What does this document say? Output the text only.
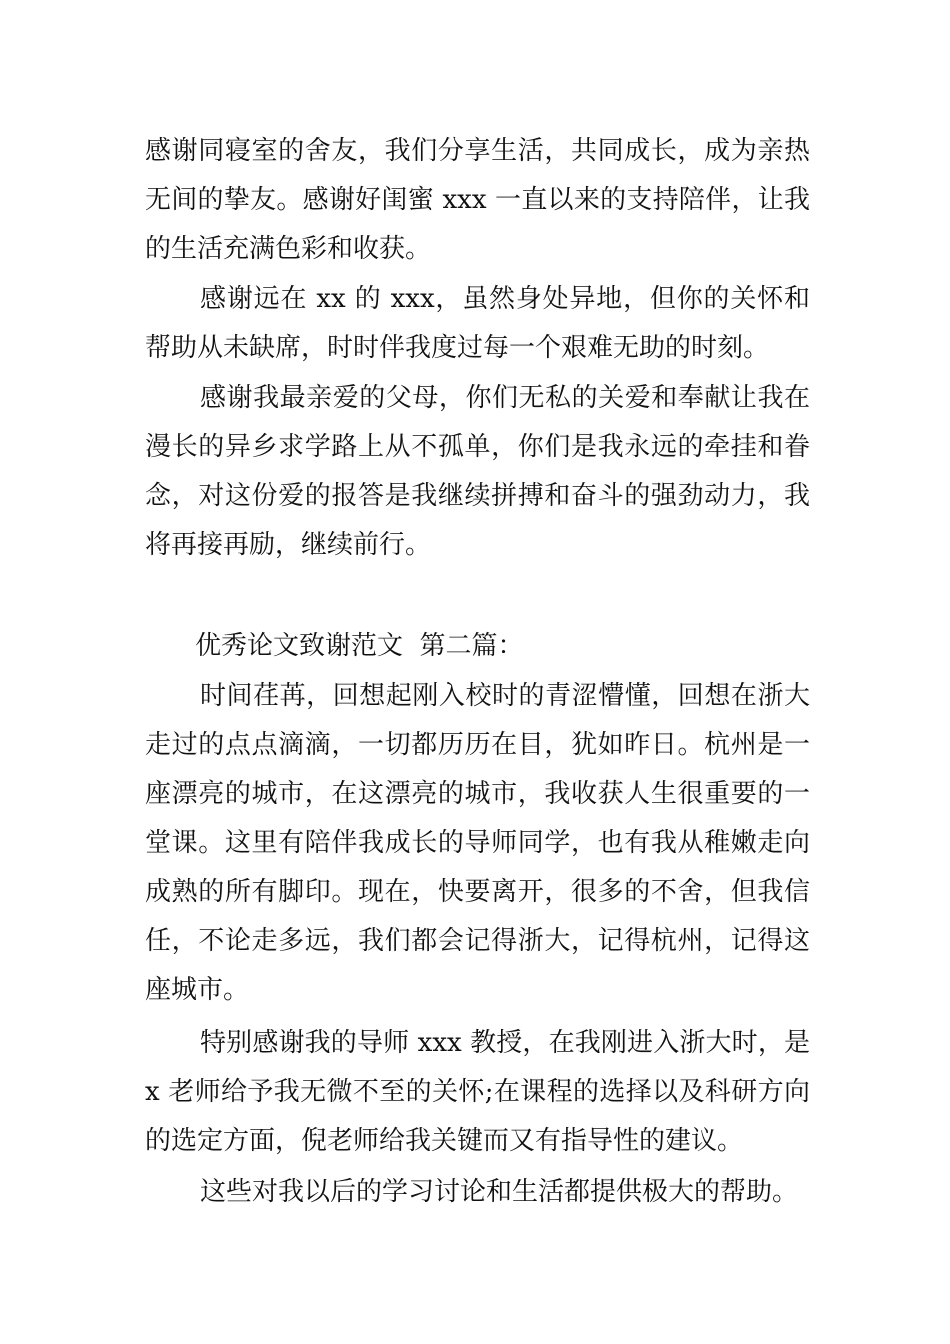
感谢同寝室的舍友，我们分享生活，共同成长，成为亲热无间的挚友。感谢好闺蜜 xxx 一直以来的支持陪伴，让我的生活充满色彩和收获。

感谢远在 xx 的 xxx，虽然身处异地，但你的关怀和帮助从未缺席，时时伴我度过每一个艰难无助的时刻。

感谢我最亲爱的父母，你们无私的关爱和奉献让我在漫长的异乡求学路上从不孤单，你们是我永远的牵挂和眷念，对这份爱的报答是我继续拼搏和奋斗的强劲动力，我将再接再励，继续前行。

优秀论文致谢范文  第二篇：

时间荏苒，回想起刚入校时的青涩懵懂，回想在浙大走过的点点滴滴，一切都历历在目，犹如昨日。杭州是一座漂亮的城市，在这漂亮的城市，我收获人生很重要的一堂课。这里有陪伴我成长的导师同学，也有我从稚嫩走向成熟的所有脚印。现在，快要离开，很多的不舍，但我信任，不论走多远，我们都会记得浙大，记得杭州，记得这座城市。

特别感谢我的导师 xxx 教授，在我刚进入浙大时，是 x 老师给予我无微不至的关怀;在课程的选择以及科研方向的选定方面，倪老师给我关键而又有指导性的建议。

这些对我以后的学习讨论和生活都提供极大的帮助。
